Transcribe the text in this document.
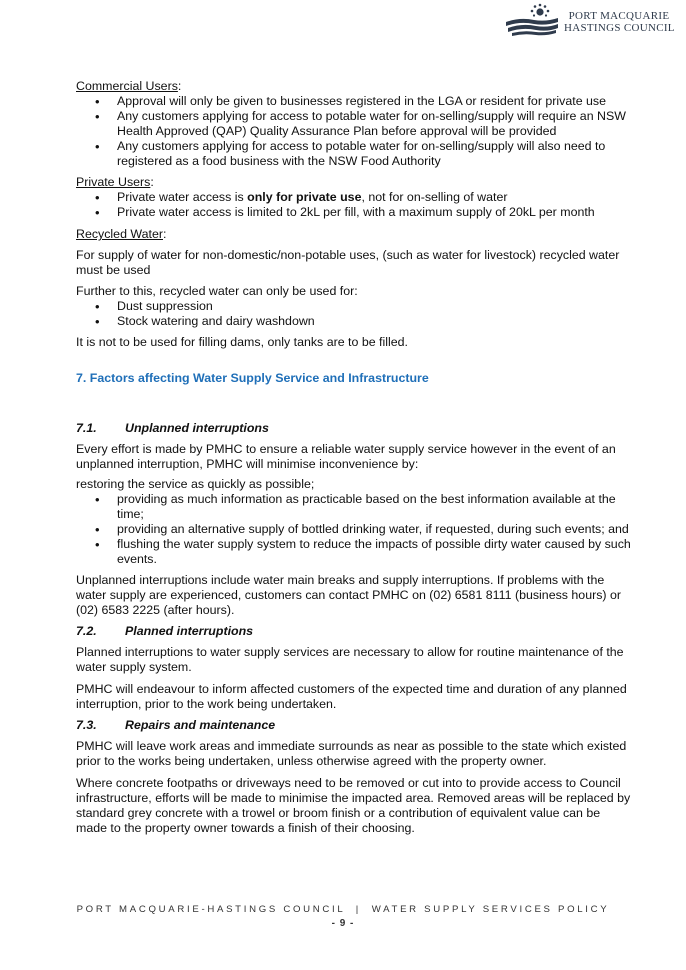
PORT MACQUARIE
HASTINGS COUNCIL

Commercial Users:

• Approval will only be given to businesses registered in the LGA or resident for private use
• Any customers applying for access to potable water for on-selling/supply will require an NSW Health Approved (QAP) Quality Assurance Plan before approval will be provided
• Any customers applying for access to potable water for on-selling/supply will also need to registered as a food business with the NSW Food Authority

Private Users:

• Private water access is only for private use, not for on-selling of water
• Private water access is limited to 2kL per fill, with a maximum supply of 20kL per month

Recycled Water:

For supply of water for non-domestic/non-potable uses, (such as water for livestock) recycled water must be used

Further to this, recycled water can only be used for:

• Dust suppression
• Stock watering and dairy washdown

It is not to be used for filling dams, only tanks are to be filled.

7. Factors affecting Water Supply Service and Infrastructure

7.1. Unplanned interruptions

Every effort is made by PMHC to ensure a reliable water supply service however in the event of an unplanned interruption, PMHC will minimise inconvenience by:

restoring the service as quickly as possible;

• providing as much information as practicable based on the best information available at the time;
• providing an alternative supply of bottled drinking water, if requested, during such events; and
• flushing the water supply system to reduce the impacts of possible dirty water caused by such events.

Unplanned interruptions include water main breaks and supply interruptions. If problems with the water supply are experienced, customers can contact PMHC on (02) 6581 8111 (business hours) or (02) 6583 2225 (after hours).

7.2. Planned interruptions

Planned interruptions to water supply services are necessary to allow for routine maintenance of the water supply system.

PMHC will endeavour to inform affected customers of the expected time and duration of any planned interruption, prior to the work being undertaken.

7.3. Repairs and maintenance

PMHC will leave work areas and immediate surrounds as near as possible to the state which existed prior to the works being undertaken, unless otherwise agreed with the property owner.

Where concrete footpaths or driveways need to be removed or cut into to provide access to Council infrastructure, efforts will be made to minimise the impacted area. Removed areas will be replaced by standard grey concrete with a trowel or broom finish or a contribution of equivalent value can be made to the property owner towards a finish of their choosing.

PORT MACQUARIE-HASTINGS COUNCIL  |  WATER SUPPLY SERVICES POLICY
- 9 -
